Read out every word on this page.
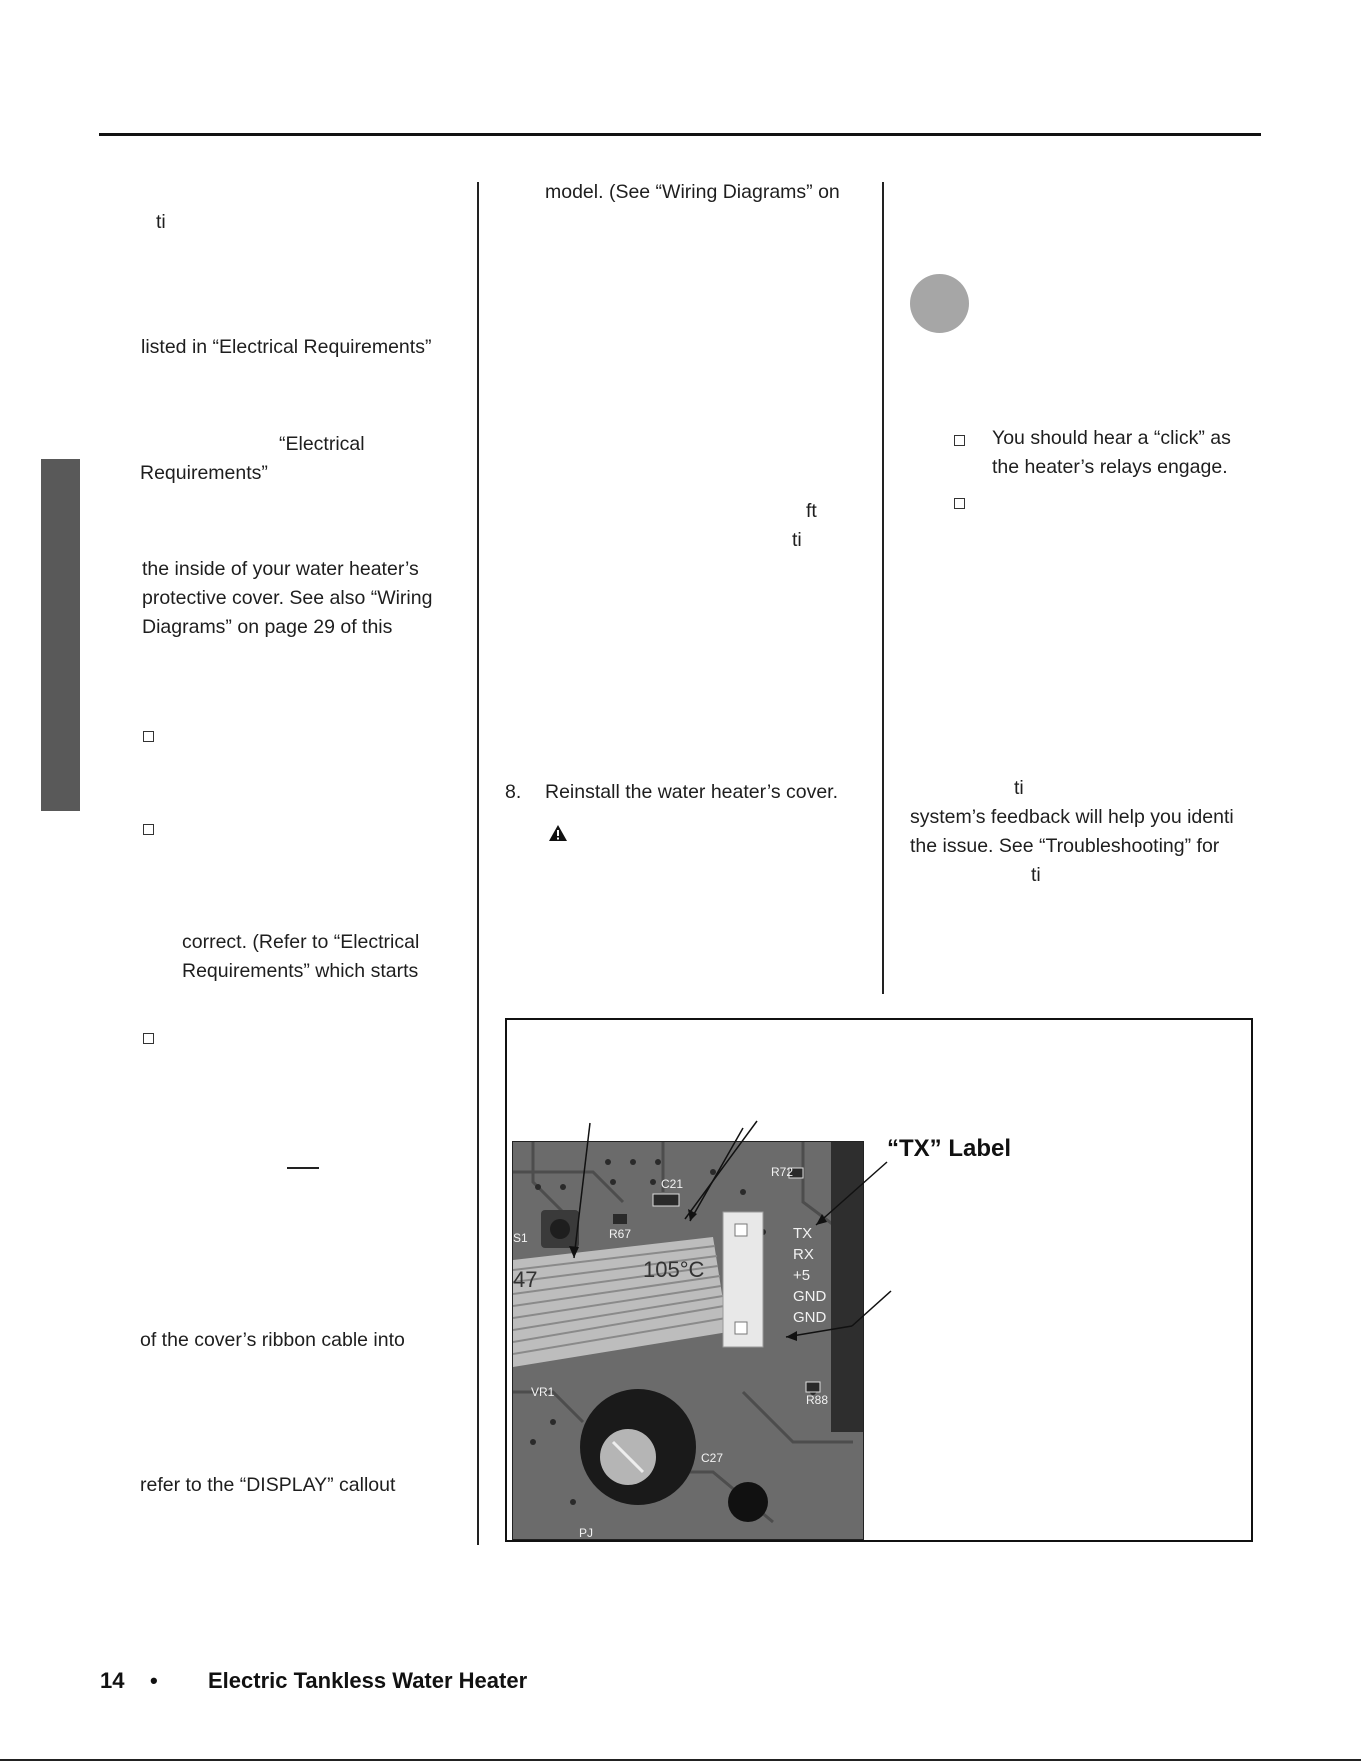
ti
listed in “Electrical Requirements”
“Electrical
Requirements”
the inside of your water heater’s
protective cover. See also “Wiring
Diagrams” on page 29 of this
correct. (Refer to “Electrical
Requirements” which starts
of the cover’s ribbon cable into
refer to the “DISPLAY” callout
model. (See “Wiring Diagrams” on
ft
ti
8. Reinstall the water heater’s cover.
You should hear a “click” as
the heater’s relays engage.
ti
system’s feedback will help you identi
the issue. See “Troubleshooting” for
ti
“TX” Label
C21
R72
R67
S1	TX
RX
+5
GND
GND
R88
VR1
C27
PJ
105°C
47
14 • Electric Tankless Water Heater
